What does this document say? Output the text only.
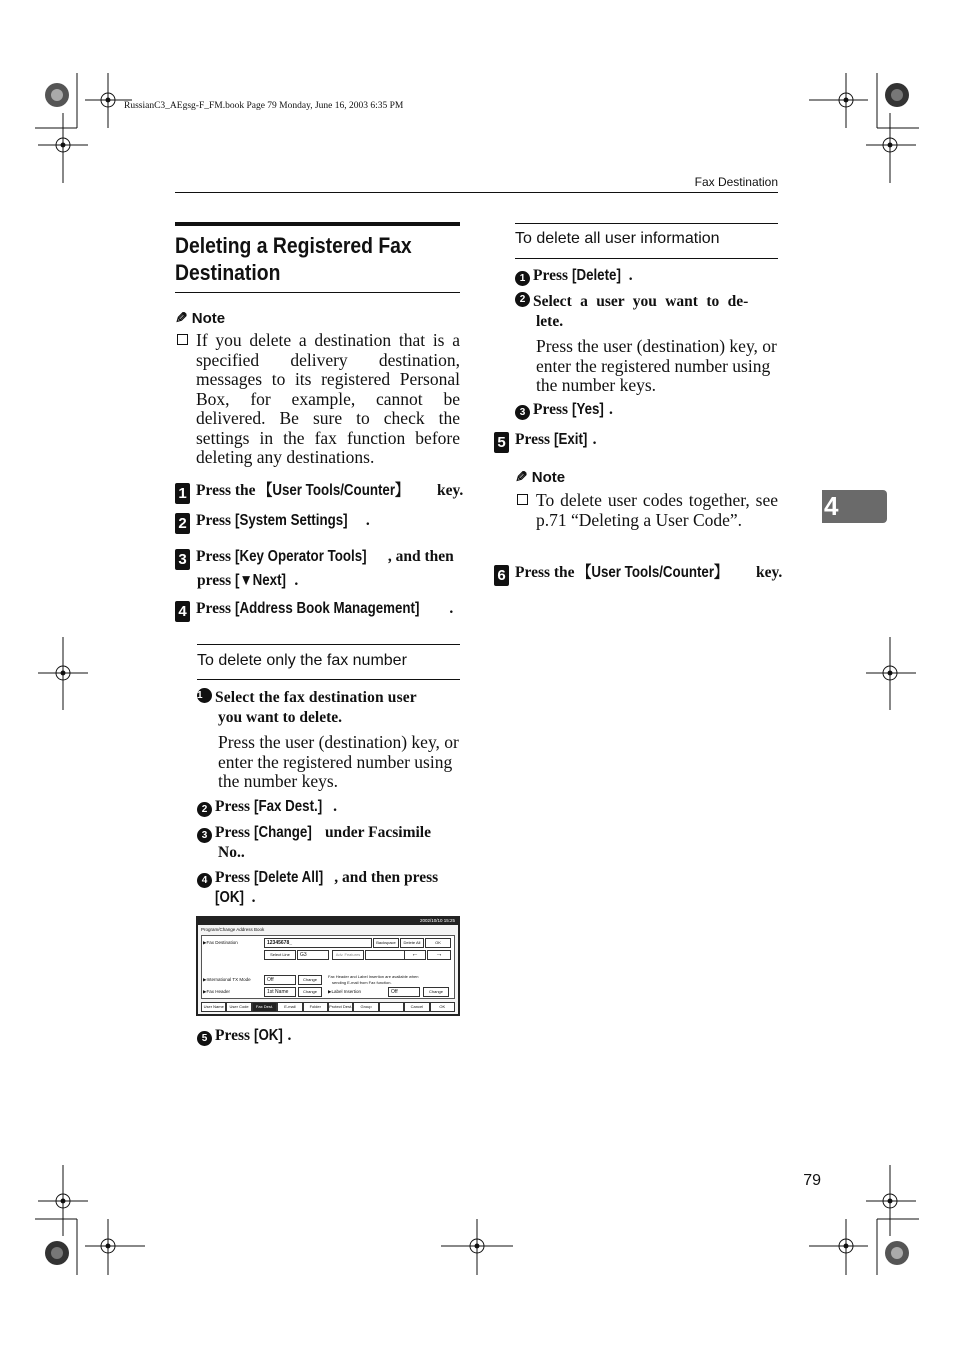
RussianC3_AEgsg-F_FM.book Page 79 Monday, June 16, 2003 6:35 PM
Fax Destination
4
79
Deleting a Registered Fax
Destination
✎ Note
If you delete a destination that is a specified delivery destination, messages to its registered Personal Box, for example, cannot be delivered. Be sure to check the settings in the fax function before deleting any destinations.
1 Press the 【User Tools/Counter】 key.
2 Press [System Settings] .
3 Press [Key Operator Tools] , and then
press [▼Next] .
4 Press [Address Book Management] .
To delete only the fax number
1 Select the fax destination user
you want to delete.
Press the user (destination) key, or enter the registered number using the number keys.
2 Press [Fax Dest.] .
3 Press [Change] under Facsimile
No..
4 Press [Delete All] , and then press
[OK] .
2002/10/10 15:25
Program/Change Address Book
▶Fax Destination	12345678_	Backspace	Delete All	OK
Select Line	G3	Adv. Features	←	→
▶International TX Mode	Off	Change
Fax Header and Label Insertion are available when
sending E-mail from Fax function.
▶Fax Header	1st Name	Change	▶Label Insertion	Off	Change
User Name	User Code	Fax Dest.	E-mail	Folder	Protect Dest.	Group	Cancel	OK
5 Press [OK] .
To delete all user information
1 Press [Delete] .
2 Select a user you want to de-
lete.
Press the user (destination) key, or enter the registered number using the number keys.
3 Press [Yes] .
5 Press [Exit] .
✎ Note
To delete user codes together, see p.71 “Deleting a User Code”.
6 Press the 【User Tools/Counter】 key.
